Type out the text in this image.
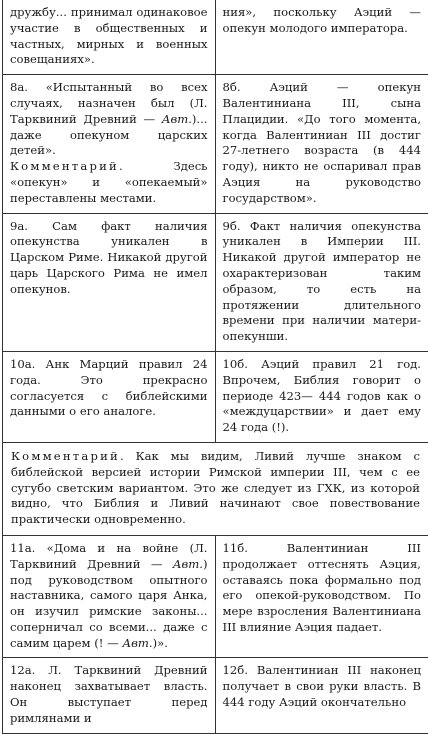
дружбу... принимал одинаковое участие в общественных и частных, мирных и военных совещаниях».

ния», поскольку Аэций — опекун молодого императора.

8а. «Испытанный во всех случаях, назначен был (Л. Тарквиний Древний — Авт.)... даже опекуном царских детей».

Комментарий. Здесь «опекун» и «опекаемый» переставлены местами.

8б. Аэций — опекун Валентиниана III, сына Плацидии. «До того момента, когда Валентиниан III достиг 27-летнего возраста (в 444 году), никто не оспаривал прав Аэция на руководство государством».

9а. Сам факт наличия опекунства уникален в Царском Риме. Никакой другой царь Царского Рима не имел опекунов.

9б. Факт наличия опекунства уникален в Империи III. Никакой другой император не охарактеризован таким образом, то есть на протяжении длительного времени при наличии матери-опекунши.

10а. Анк Марций правил 24 года. Это прекрасно согласуется с библейскими данными о его аналоге.

10б. Аэций правил 21 год. Впрочем, Библия говорит о периоде 423— 444 годов как о «междуцарствии» и дает ему 24 года (!).

Комментарий. Как мы видим, Ливий лучше знаком с библейской версией истории Римской империи III, чем с ее сугубо светским вариантом. Это же следует из ГХК, из которой видно, что Библия и Ливий начинают свое повествование практически одновременно.

11а. «Дома и на войне (Л. Тарквиний Древний — Авт.) под руководством опытного наставника, самого царя Анка, он изучил римские законы... соперничал со всеми... даже с самим царем (! — Авт.)».

11б. Валентиниан III продолжает оттеснять Аэция, оставаясь пока формально под его опекой-руководством. По мере взросления Валентиниана III влияние Аэция падает.

12а. Л. Тарквиний Древний наконец захватывает власть. Он выступает перед римлянами и

12б. Валентиниан III наконец получает в свои руки власть. В 444 году Аэций окончательно
